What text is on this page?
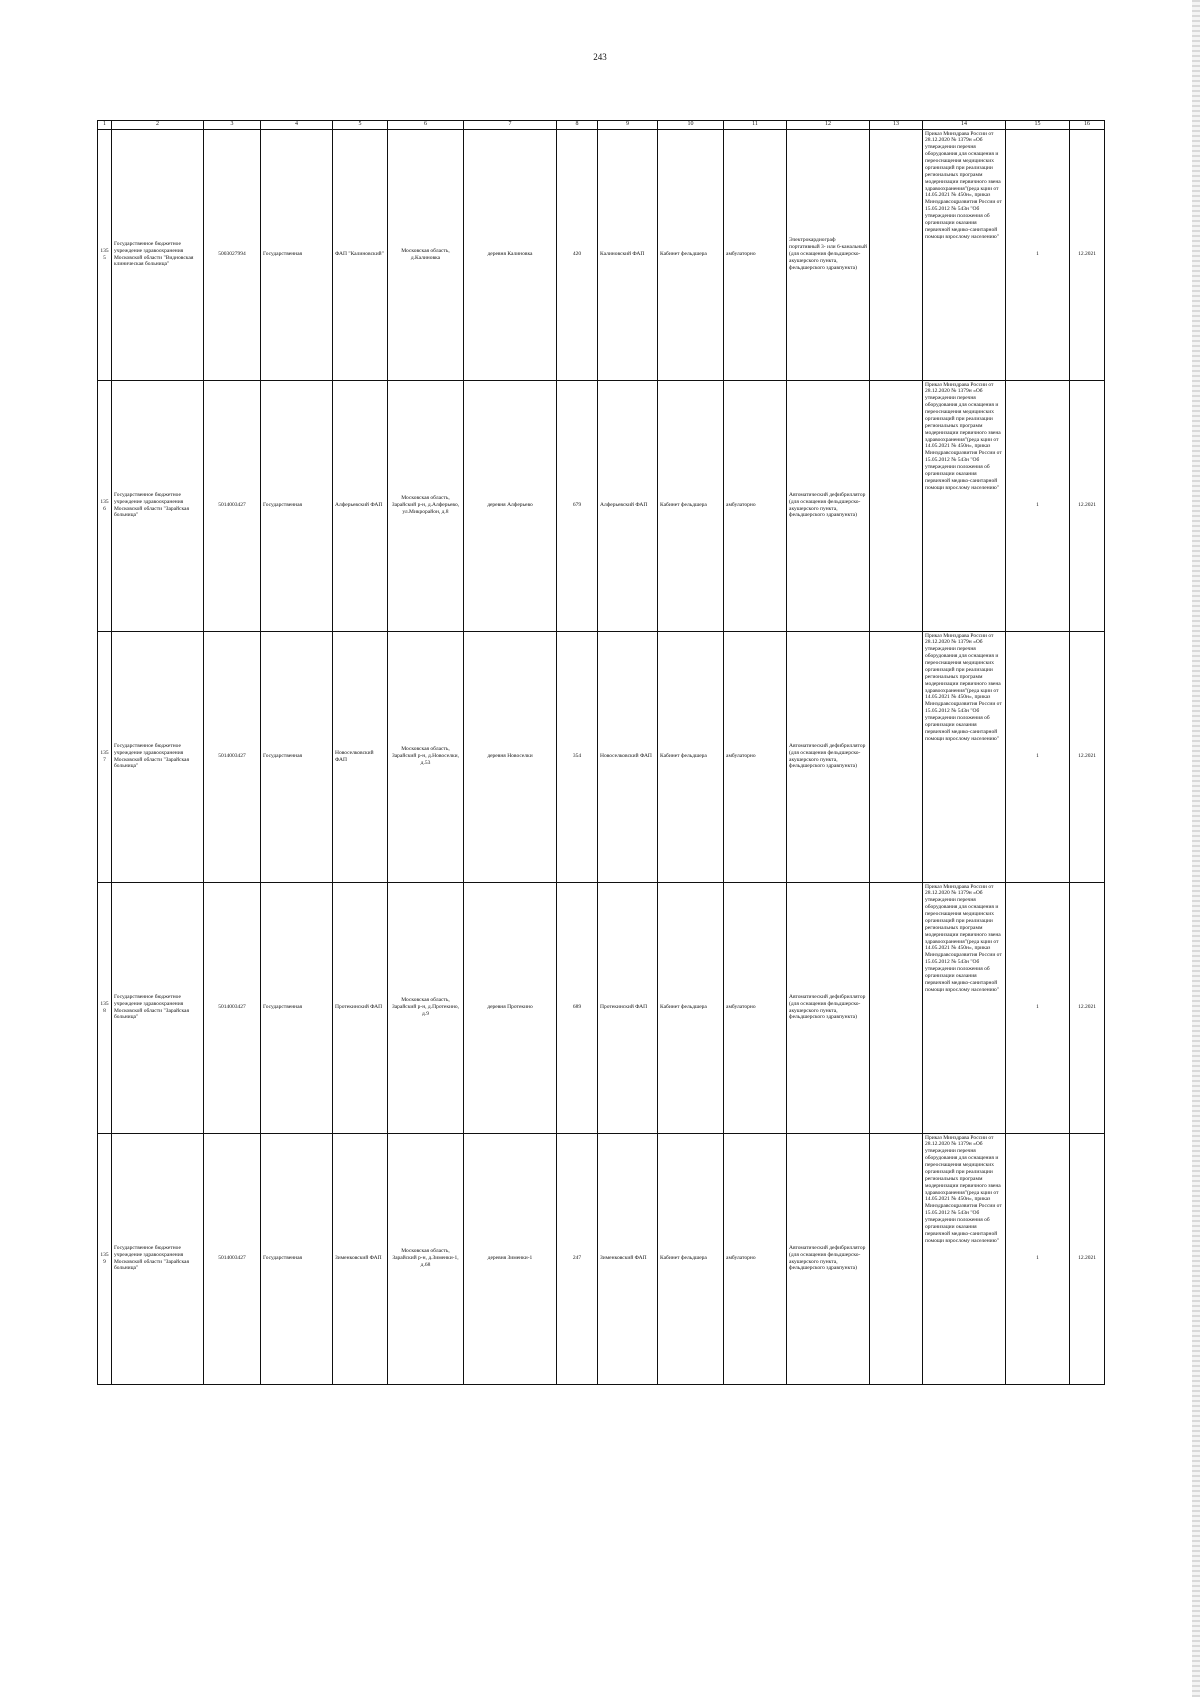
243
1	2	3	4	5	6	7	8	9	10	11	12	13	14	15	16
1355	Государственное бюджетное учреждение здравоохранения Московской области "Видновская клиническая больница"	5003027994	Государственная	ФАП "Калиновский"	Московская область, д.Калиновка	деревня Калиновка	420	Калиновский ФАП	Кабинет фельдшера	амбулаторно	Электрокардиограф портативный 3- или 6-канальный (для оснащения фельдшерско-акушерского пункта, фельдшерского здравпункта)		Приказ Минздрава России от 28.12.2020 № 1379н «Об утверждении перечня оборудования для оснащения и переоснащения медицинских организаций при реализации региональных программ модернизации первичного звена здравоохранения"(реда кции от 14.05.2021 № 450н», приказ Минздравсоцразвития России от 15.05.2012 № 543н "Об утверждении положения об организации оказания первичной медико-санитарной помощи взрослому населению"	1	12.2021
1356	Государственное бюджетное учреждение здравоохранения Московской области "Зарайская больница"	5014003427	Государственная	Алферьевский ФАП	Московская область, Зарайский р-н, д.Алферьево, ул.Микрорайон, д.8	деревня Алферьево	679	Алферьевский ФАП	Кабинет фельдшера	амбулаторно	Автоматический дефибриллятор (для оснащения фельдшерско-акушерского пункта, фельдшерского здравпункта)		Приказ Минздрава России от 28.12.2020 № 1379н «Об утверждении перечня оборудования для оснащения и переоснащения медицинских организаций при реализации региональных программ модернизации первичного звена здравоохранения"(реда кции от 14.05.2021 № 450н», приказ Минздравсоцразвития России от 15.05.2012 № 543н "Об утверждении положения об организации оказания первичной медико-санитарной помощи взрослому населению"	1	12.2021
1357	Государственное бюджетное учреждение здравоохранения Московской области "Зарайская больница"	5014003427	Государственная	Новоселковский ФАП	Московская область, Зарайский р-н, д.Новоселки, д.53	деревня Новоселки	354	Новоселковский ФАП	Кабинет фельдшера	амбулаторно	Автоматический дефибриллятор (для оснащения фельдшерско-акушерского пункта, фельдшерского здравпункта)		Приказ Минздрава России от 28.12.2020 № 1379н «Об утверждении перечня оборудования для оснащения и переоснащения медицинских организаций при реализации региональных программ модернизации первичного звена здравоохранения"(реда кции от 14.05.2021 № 450н», приказ Минздравсоцразвития России от 15.05.2012 № 543н "Об утверждении положения об организации оказания первичной медико-санитарной помощи взрослому населению"	1	12.2021
1358	Государственное бюджетное учреждение здравоохранения Московской области "Зарайская больница"	5014003427	Государственная	Протекинский ФАП	Московская область, Зарайский р-н, д.Протекино, д.9	деревня Протекино	689	Протекинский ФАП	Кабинет фельдшера	амбулаторно	Автоматический дефибриллятор (для оснащения фельдшерско-акушерского пункта, фельдшерского здравпункта)		Приказ Минздрава России от 28.12.2020 № 1379н «Об утверждении перечня оборудования для оснащения и переоснащения медицинских организаций при реализации региональных программ модернизации первичного звена здравоохранения"(реда кции от 14.05.2021 № 450н», приказ Минздравсоцразвития России от 15.05.2012 № 543н "Об утверждении положения об организации оказания первичной медико-санитарной помощи взрослому населению"	1	12.2021
1359	Государственное бюджетное учреждение здравоохранения Московской области "Зарайская больница"	5014003427	Государственная	Зименковский ФАП	Московская область, Зарайский р-н, д.Зименки-1, д.68	деревня Зименки-1	247	Зименковский ФАП	Кабинет фельдшера	амбулаторно	Автоматический дефибриллятор (для оснащения фельдшерско-акушерского пункта, фельдшерского здравпункта)		Приказ Минздрава России от 28.12.2020 № 1379н «Об утверждении перечня оборудования для оснащения и переоснащения медицинских организаций при реализации региональных программ модернизации первичного звена здравоохранения"(реда кции от 14.05.2021 № 450н», приказ Минздравсоцразвития России от 15.05.2012 № 543н "Об утверждении положения об организации оказания первичной медико-санитарной помощи взрослому населению"	1	12.2021
